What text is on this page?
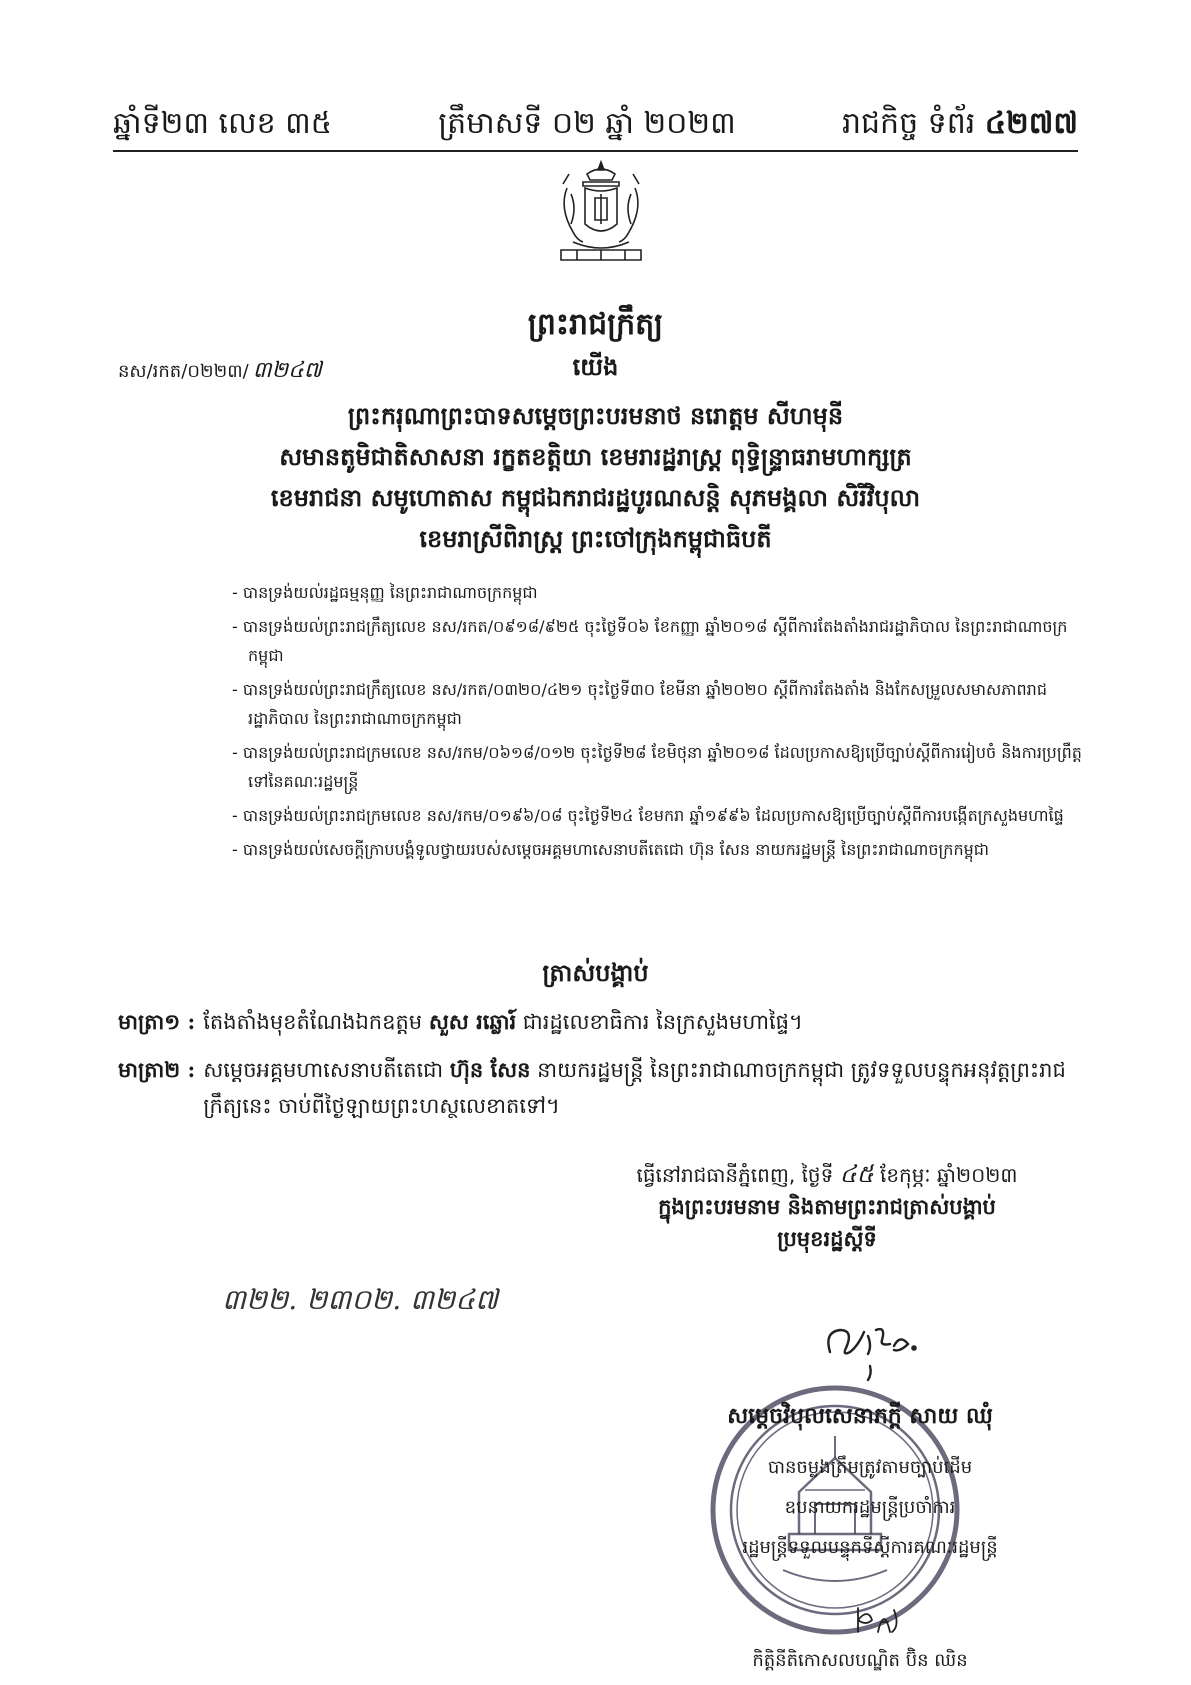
ឆ្នាំទី២៣ លេខ ៣៥	ត្រឹមាសទី ០២ ឆ្នាំ ២០២៣	រាជកិច្ច ទំព័រ ៤២៧៧
ព្រះរាជក្រឹត្យ
នស/រកត/០២២៣/ ៣២៤៧	យើង
ព្រះករុណាព្រះបាទសម្តេចព្រះបរមនាថ នរោត្តម សីហមុនី
សមានតូមិជាតិសាសនា រក្ខតខត្តិយា ខេមរារដ្ឋរាស្ត្រ ពុទ្ធិន្ទ្រាធរាមហាក្សត្រ
ខេមរាជនា សមូហោតាស កម្ពុជឯករាជរដ្ឋបូរណសន្តិ សុភមង្គលា សិរីវិបុលា
ខេមរាស្រីពិរាស្ត្រ ព្រះចៅក្រុងកម្ពុជាធិបតី
- បានទ្រង់យល់រដ្ឋធម្មនុញ្ញ នៃព្រះរាជាណាចក្រកម្ពុជា
- បានទ្រង់យល់ព្រះរាជក្រឹត្យលេខ នស/រកត/០៩១៨/៩២៥ ចុះថ្ងៃទី០៦ ខែកញ្ញា ឆ្នាំ២០១៨ ស្តីពីការតែងតាំងរាជរដ្ឋាភិបាល នៃព្រះរាជាណាចក្រកម្ពុជា
- បានទ្រង់យល់ព្រះរាជក្រឹត្យលេខ នស/រកត/០៣២០/៤២១ ចុះថ្ងៃទី៣០ ខែមីនា ឆ្នាំ២០២០ ស្តីពីការតែងតាំង និងកែសម្រួលសមាសភាពរាជរដ្ឋាភិបាល នៃព្រះរាជាណាចក្រកម្ពុជា
- បានទ្រង់យល់ព្រះរាជក្រមលេខ នស/រកម/០៦១៨/០១២ ចុះថ្ងៃទី២៨ ខែមិថុនា ឆ្នាំ២០១៨ ដែលប្រកាសឱ្យប្រើច្បាប់ស្តីពីការរៀបចំ និងការប្រព្រឹត្តទៅនៃគណៈរដ្ឋមន្ត្រី
- បានទ្រង់យល់ព្រះរាជក្រមលេខ នស/រកម/០១៩៦/០៨ ចុះថ្ងៃទី២៤ ខែមករា ឆ្នាំ១៩៩៦ ដែលប្រកាសឱ្យប្រើច្បាប់ស្តីពីការបង្កើតក្រសួងមហាផ្ទៃ
- បានទ្រង់យល់សេចក្តីក្រាបបង្គំទូលថ្វាយរបស់សម្តេចអគ្គមហាសេនាបតីតេជោ ហ៊ុន សែន នាយករដ្ឋមន្ត្រី នៃព្រះរាជាណាចក្រកម្ពុជា
ត្រាស់បង្គាប់
មាត្រា១ : តែងតាំងមុខតំណែងឯកឧត្តម សួស រឆ្លោរ៍ ជារដ្ឋលេខាធិការ នៃក្រសួងមហាផ្ទៃ។
មាត្រា២ : សម្តេចអគ្គមហាសេនាបតីតេជោ ហ៊ុន សែន នាយករដ្ឋមន្ត្រី នៃព្រះរាជាណាចក្រកម្ពុជា ត្រូវទទួលបន្ទុកអនុវត្តព្រះរាជក្រឹត្យនេះ ចាប់ពីថ្ងៃឡាយព្រះហស្ថលេខាតទៅ។
ធ្វើនៅរាជធានីភ្នំពេញ, ថ្ងៃទី ៤៥ ខែកុម្ភៈ ឆ្នាំ២០២៣
ក្នុងព្រះបរមនាម និងតាមព្រះរាជត្រាស់បង្គាប់
ប្រមុខរដ្ឋស្តីទី
៣២២. ២៣០២. ៣២៤៧
សម្តេចវិបុលសេនាភក្តី សាយ ឈុំ
បានចម្លងត្រឹមត្រូវតាមច្បាប់ដើម
ឧបនាយករដ្ឋមន្ត្រីប្រចាំការ
រដ្ឋមន្ត្រីទទួលបន្ទុកទីស្តីការគណៈរដ្ឋមន្ត្រី
កិត្តិនីតិកោសលបណ្ឌិត ប៊ិន ឈិន
